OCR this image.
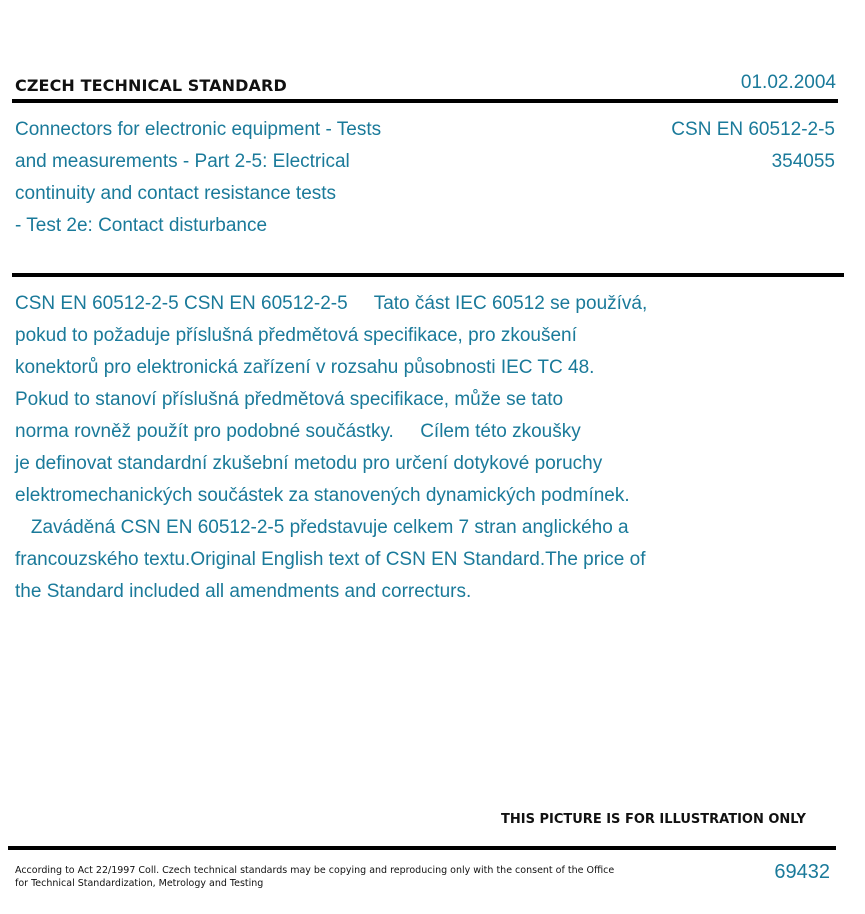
CZECH TECHNICAL STANDARD	01.02.2004
Connectors for electronic equipment - Tests
and measurements - Part 2-5: Electrical
continuity and contact resistance tests
- Test 2e: Contact disturbance
CSN EN 60512-2-5
354055
CSN EN 60512-2-5 CSN EN 60512-2-5     Tato část IEC 60512 se používá,
pokud to požaduje příslušná předmětová specifikace, pro zkoušení
konektorů pro elektronická zařízení v rozsahu působnosti IEC TC 48.
Pokud to stanoví příslušná předmětová specifikace, může se tato
norma rovněž použít pro podobné součástky.     Cílem této zkoušky
je definovat standardní zkušební metodu pro určení dotykové poruchy
elektromechanických součástek za stanovených dynamických podmínek.
Zaváděná CSN EN 60512-2-5 představuje celkem 7 stran anglického a
francouzského textu.Original English text of CSN EN Standard.The price of
the Standard included all amendments and correcturs.
THIS PICTURE IS FOR ILLUSTRATION ONLY
According to Act 22/1997 Coll. Czech technical standards may be copying and reproducing only with the consent of the Office
for Technical Standardization, Metrology and Testing
69432
